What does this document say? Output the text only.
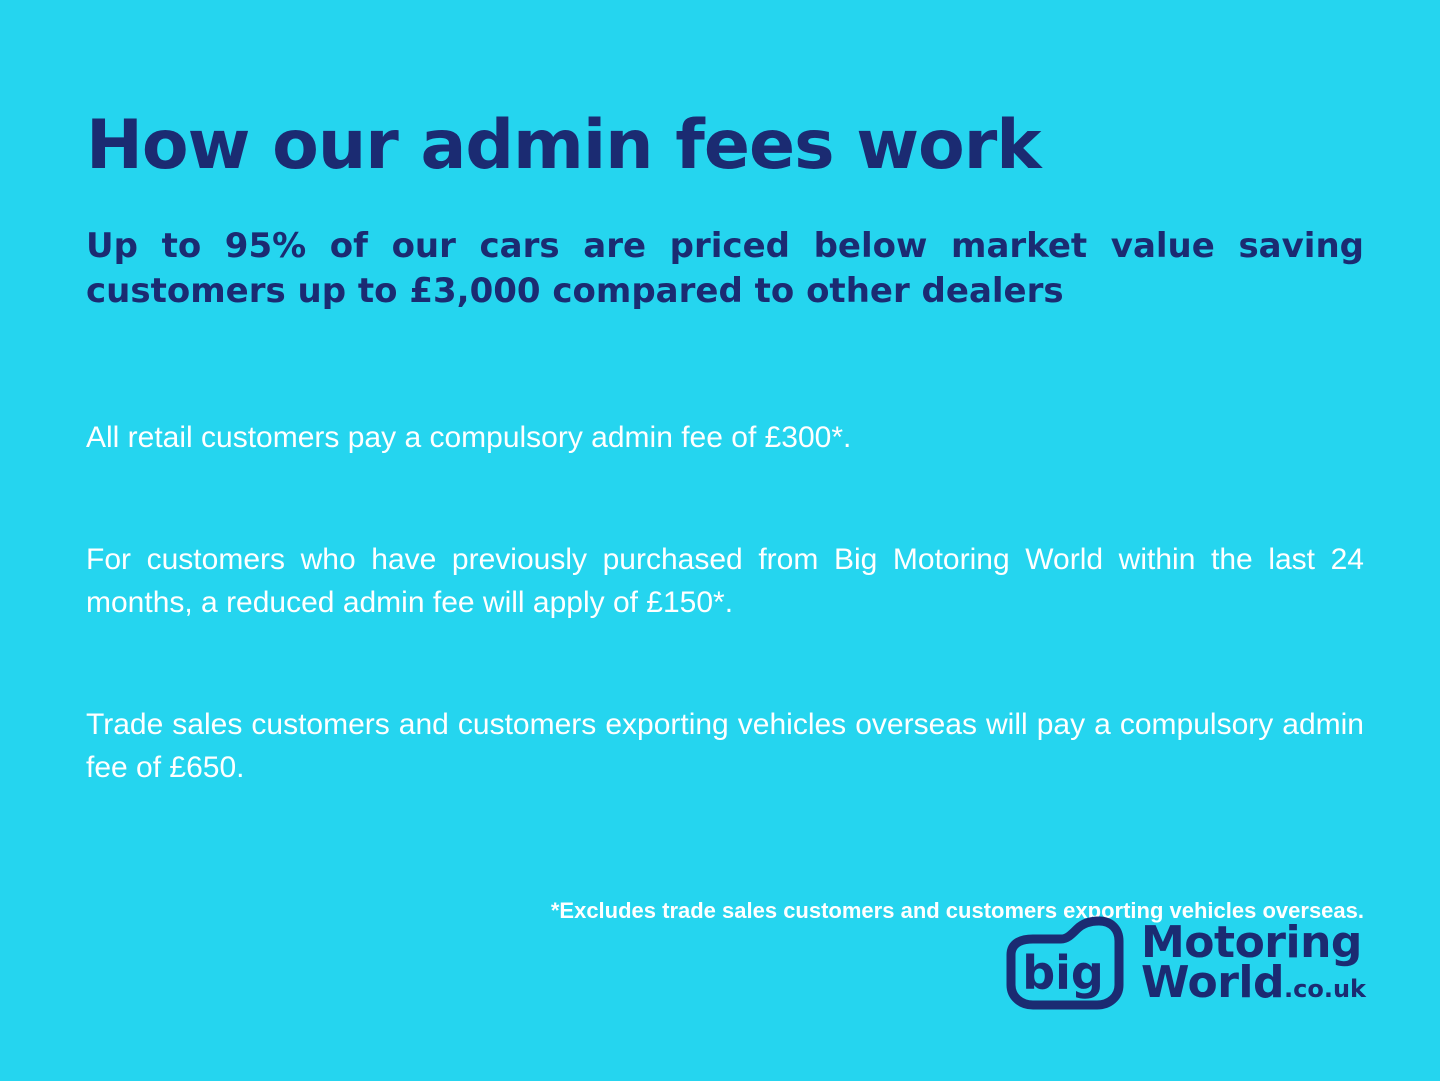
How our admin fees work

Up to 95% of our cars are priced below market value saving customers up to £3,000 compared to other dealers

All retail customers pay a compulsory admin fee of £300*.

For customers who have previously purchased from Big Motoring World within the last 24 months, a reduced admin fee will apply of £150*.

Trade sales customers and customers exporting vehicles overseas will pay a compulsory admin fee of £650.

*Excludes trade sales customers and customers exporting vehicles overseas.

big
Motoring
World.co.uk
